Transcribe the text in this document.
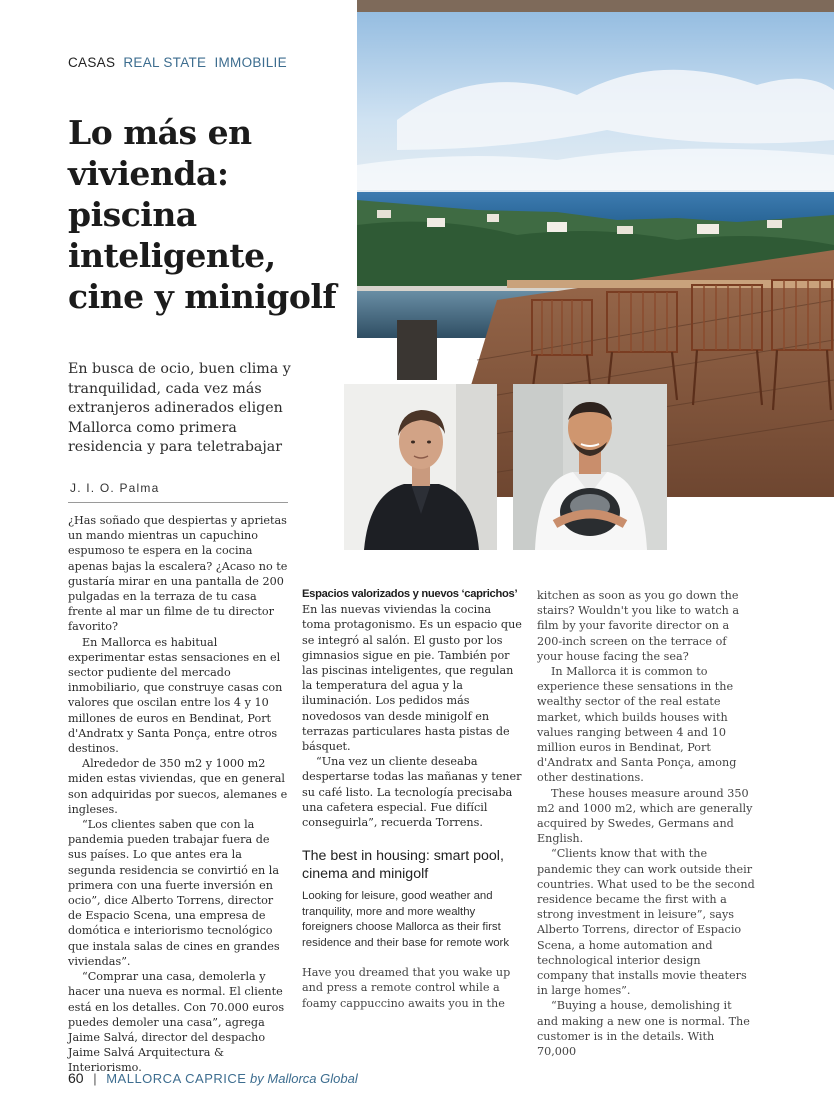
CASAS REAL STATE IMMOBILIE
Lo más en vivienda: piscina inteligente, cine y minigolf

En busca de ocio, buen clima y tranquilidad, cada vez más extranjeros adinerados eligen Mallorca como primera residencia y para teletrabajar

J. I. O. Palma

¿Has soñado que despiertas y aprietas un mando mientras un capuchino espumoso te espera en la cocina apenas bajas la escalera? ¿Acaso no te gustaría mirar en una pantalla de 200 pulgadas en la terraza de tu casa frente al mar un filme de tu director favorito?

En Mallorca es habitual experimentar estas sensaciones en el sector pudiente del mercado inmobiliario, que construye casas con valores que oscilan entre los 4 y 10 millones de euros en Bendinat, Port d'Andratx y Santa Ponça, entre otros destinos.

Alrededor de 350 m2 y 1000 m2 miden estas viviendas, que en general son adquiridas por suecos, alemanes e ingleses.

“Los clientes saben que con la pandemia pueden trabajar fuera de sus países. Lo que antes era la segunda residencia se convirtió en la primera con una fuerte inversión en ocio”, dice Alberto Torrens, director de Espacio Scena, una empresa de domótica e interiorismo tecnológico que instala salas de cines en grandes viviendas”.

“Comprar una casa, demolerla y hacer una nueva es normal. El cliente está en los detalles. Con 70.000 euros puedes demoler una casa”, agrega Jaime Salvá, director del despacho Jaime Salvá Arquitectura & Interiorismo.

Espacios valorizados y nuevos ‘caprichos’

En las nuevas viviendas la cocina toma protagonismo. Es un espacio que se integró al salón. El gusto por los gimnasios sigue en pie. También por las piscinas inteligentes, que regulan la temperatura del agua y la iluminación. Los pedidos más novedosos van desde minigolf en terrazas particulares hasta pistas de básquet.

“Una vez un cliente deseaba despertarse todas las mañanas y tener su café listo. La tecnología precisaba una cafetera especial. Fue difícil conseguirla”, recuerda Torrens.

The best in housing: smart pool, cinema and minigolf

Looking for leisure, good weather and tranquility, more and more wealthy foreigners choose Mallorca as their first residence and their base for remote work

Have you dreamed that you wake up and press a remote control while a foamy cappuccino awaits you in the

kitchen as soon as you go down the stairs? Wouldn't you like to watch a film by your favorite director on a 200-inch screen on the terrace of your house facing the sea?

In Mallorca it is common to experience these sensations in the wealthy sector of the real estate market, which builds houses with values ranging between 4 and 10 million euros in Bendinat, Port d'Andratx and Santa Ponça, among other destinations.

These houses measure around 350 m2 and 1000 m2, which are generally acquired by Swedes, Germans and English.

“Clients know that with the pandemic they can work outside their countries. What used to be the second residence became the first with a strong investment in leisure”, says Alberto Torrens, director of Espacio Scena, a home automation and technological interior design company that installs movie theaters in large homes”.

“Buying a house, demolishing it and making a new one is normal. The customer is in the details. With 70,000

60 | MALLORCA CAPRICE by Mallorca Global
